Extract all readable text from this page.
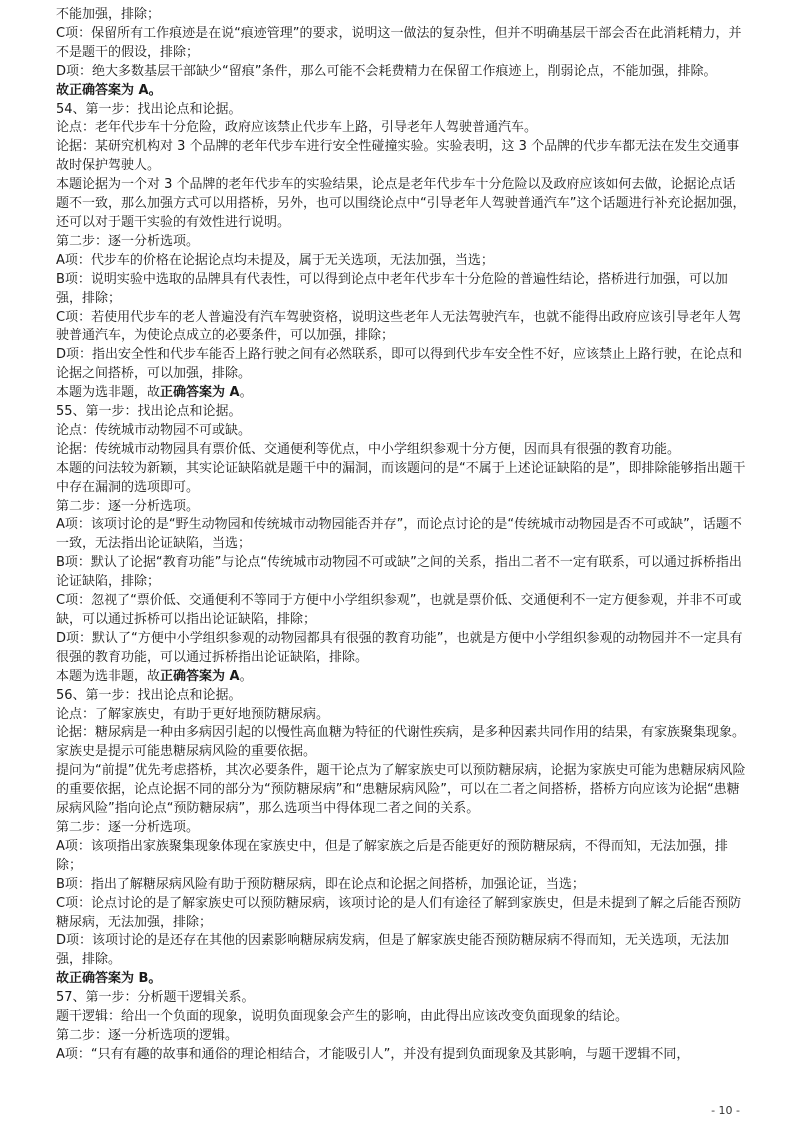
不能加强，排除；

C项：保留所有工作痕迹是在说“痕迹管理”的要求，说明这一做法的复杂性，但并不明确基层干部会否在此消耗精力，并不是题干的假设，排除；

D项：绝大多数基层干部缺少“留痕”条件，那么可能不会耗费精力在保留工作痕迹上，削弱论点，不能加强，排除。

故正确答案为 A。

54、第一步：找出论点和论据。

论点：老年代步车十分危险，政府应该禁止代步车上路，引导老年人驾驶普通汽车。

论据：某研究机构对 3 个品牌的老年代步车进行安全性碰撞实验。实验表明，这 3 个品牌的代步车都无法在发生交通事故时保护驾驶人。

本题论据为一个对 3 个品牌的老年代步车的实验结果，论点是老年代步车十分危险以及政府应该如何去做，论据论点话题不一致，那么加强方式可以用搭桥，另外，也可以围绕论点中“引导老年人驾驶普通汽车”这个话题进行补充论据加强，还可以对于题干实验的有效性进行说明。

第二步：逐一分析选项。

A项：代步车的价格在论据论点均未提及，属于无关选项，无法加强，当选；

B项：说明实验中选取的品牌具有代表性，可以得到论点中老年代步车十分危险的普遍性结论，搭桥进行加强，可以加强，排除；

C项：若使用代步车的老人普遍没有汽车驾驶资格，说明这些老年人无法驾驶汽车，也就不能得出政府应该引导老年人驾驶普通汽车，为使论点成立的必要条件，可以加强，排除；

D项：指出安全性和代步车能否上路行驶之间有必然联系，即可以得到代步车安全性不好，应该禁止上路行驶，在论点和论据之间搭桥，可以加强，排除。

本题为选非题，故正确答案为 A。

55、第一步：找出论点和论据。

论点：传统城市动物园不可或缺。

论据：传统城市动物园具有票价低、交通便利等优点，中小学组织参观十分方便，因而具有很强的教育功能。

本题的问法较为新颖，其实论证缺陷就是题干中的漏洞，而该题问的是“不属于上述论证缺陷的是”，即排除能够指出题干中存在漏洞的选项即可。

第二步：逐一分析选项。

A项：该项讨论的是“野生动物园和传统城市动物园能否并存”，而论点讨论的是“传统城市动物园是否不可或缺”，话题不一致，无法指出论证缺陷，当选；

B项：默认了论据“教育功能”与论点“传统城市动物园不可或缺”之间的关系，指出二者不一定有联系，可以通过拆桥指出论证缺陷，排除；

C项：忽视了“票价低、交通便利不等同于方便中小学组织参观”，也就是票价低、交通便利不一定方便参观，并非不可或缺，可以通过拆桥可以指出论证缺陷，排除；

D项：默认了“方便中小学组织参观的动物园都具有很强的教育功能”，也就是方便中小学组织参观的动物园并不一定具有很强的教育功能，可以通过拆桥指出论证缺陷，排除。

本题为选非题，故正确答案为 A。

56、第一步：找出论点和论据。

论点：了解家族史，有助于更好地预防糖尿病。

论据：糖尿病是一种由多病因引起的以慢性高血糖为特征的代谢性疾病，是多种因素共同作用的结果，有家族聚集现象。家族史是提示可能患糖尿病风险的重要依据。

提问为“前提”优先考虑搭桥，其次必要条件，题干论点为了解家族史可以预防糖尿病，论据为家族史可能为患糖尿病风险的重要依据，论点论据不同的部分为“预防糖尿病”和“患糖尿病风险”，可以在二者之间搭桥，搭桥方向应该为论据“患糖尿病风险”指向论点“预防糖尿病”，那么选项当中得体现二者之间的关系。

第二步：逐一分析选项。

A项：该项指出家族聚集现象体现在家族史中，但是了解家族之后是否能更好的预防糖尿病，不得而知，无法加强，排除；

B项：指出了解糖尿病风险有助于预防糖尿病，即在论点和论据之间搭桥，加强论证，当选；

C项：论点讨论的是了解家族史可以预防糖尿病，该项讨论的是人们有途径了解到家族史，但是未提到了解之后能否预防糖尿病，无法加强，排除；

D项：该项讨论的是还存在其他的因素影响糖尿病发病，但是了解家族史能否预防糖尿病不得而知，无关选项，无法加强，排除。

故正确答案为 B。

57、第一步：分析题干逻辑关系。

题干逻辑：给出一个负面的现象，说明负面现象会产生的影响，由此得出应该改变负面现象的结论。

第二步：逐一分析选项的逻辑。

A项：“只有有趣的故事和通俗的理论相结合，才能吸引人”，并没有提到负面现象及其影响，与题干逻辑不同，

- 10 -
